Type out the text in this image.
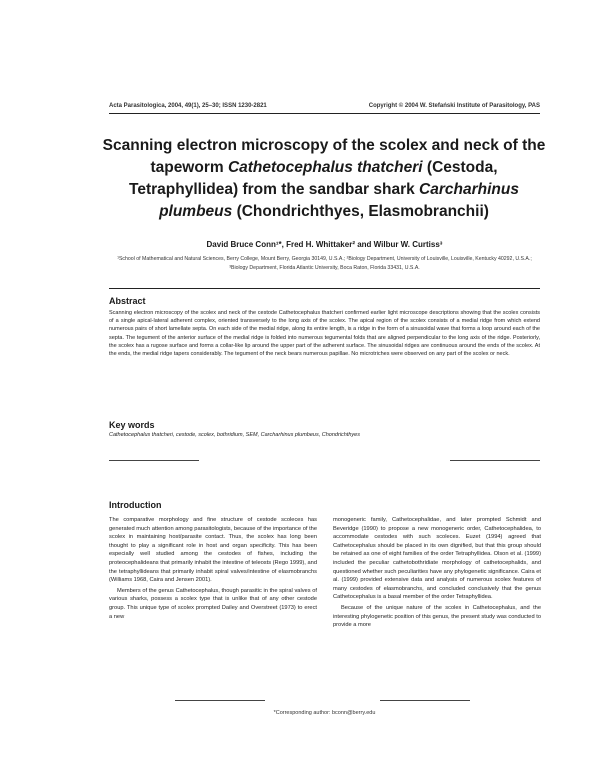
Acta Parasitologica, 2004, 49(1), 25–30; ISSN 1230-2821	Copyright © 2004 W. Stefański Institute of Parasitology, PAS
Scanning electron microscopy of the scolex and neck of the tapeworm Cathetocephalus thatcheri (Cestoda, Tetraphyllidea) from the sandbar shark Carcharhinus plumbeus (Chondrichthyes, Elasmobranchii)
David Bruce Conn¹*, Fred H. Whittaker² and Wilbur W. Curtiss³
¹School of Mathematical and Natural Sciences, Berry College, Mount Berry, Georgia 30149, U.S.A.; ²Biology Department, University of Louisville, Louisville, Kentucky 40292, U.S.A.; ³Biology Department, Florida Atlantic University, Boca Raton, Florida 33431, U.S.A.
Abstract
Scanning electron microscopy of the scolex and neck of the cestode Cathetocephalus thatcheri confirmed earlier light microscope descriptions showing that the scolex consists of a single apical-lateral adherent complex, oriented transversely to the long axis of the scolex. The apical region of the scolex consists of a medial ridge from which extend numerous pairs of short lamellate septa. On each side of the medial ridge, along its entire length, is a ridge in the form of a sinusoidal wave that forms a loop around each of the septa. The tegument of the anterior surface of the medial ridge is folded into numerous tegumental folds that are aligned perpendicular to the long axis of the ridge. Posteriorly, the scolex has a rugose surface and forms a collar-like lip around the upper part of the adherent surface. The sinusoidal ridges are continuous around the ends of the scolex. At the ends, the medial ridge tapers considerably. The tegument of the neck bears numerous papillae. No microtriches were observed on any part of the scolex or neck.
Key words
Cathetocephalus thatcheri, cestode, scolex, bothridium, SEM, Carcharhinus plumbeus, Chondrichthyes
Introduction

The comparative morphology and fine structure of cestode scoleces has generated much attention among parasitologists, because of the importance of the scolex in maintaining host/parasite contact. Thus, the scolex has long been thought to play a significant role in host and organ specificity. This has been especially well studied among the cestodes of fishes, including the proteocephalideans that primarily inhabit the intestine of teleosts (Rego 1999), and the tetraphyllideans that primarily inhabit spiral valves/intestine of elasmobranchs (Williams 1968, Caira and Jensen 2001).

Members of the genus Cathetocephalus, though parasitic in the spiral valves of various sharks, possess a scolex type that is unlike that of any other cestode group. This unique type of scolex prompted Dailey and Overstreet (1973) to erect a new

monogeneric family, Cathetocephalidae, and later prompted Schmidt and Beveridge (1990) to propose a new monogeneric order, Cathetocephalidea, to accommodate cestodes with such scoleces. Euzet (1994) agreed that Cathetocephalus should be placed in its own dignified, but that this group should be retained as one of eight families of the order Tetraphyllidea. Olson et al. (1999) included the peculiar cathetobothridiate morphology of cathetocephalids, and questioned whether such peculiarities have any phylogenetic significance. Caira et al. (1999) provided extensive data and analysis of numerous scolex features of many cestodes of elasmobranchs, and concluded conclusively that the genus Cathetocephalus is a basal member of the order Tetraphyllidea.

Because of the unique nature of the scolex in Cathetocephalus, and the interesting phylogenetic position of this genus, the present study was conducted to provide a more

*Corresponding author: bconn@berry.edu
